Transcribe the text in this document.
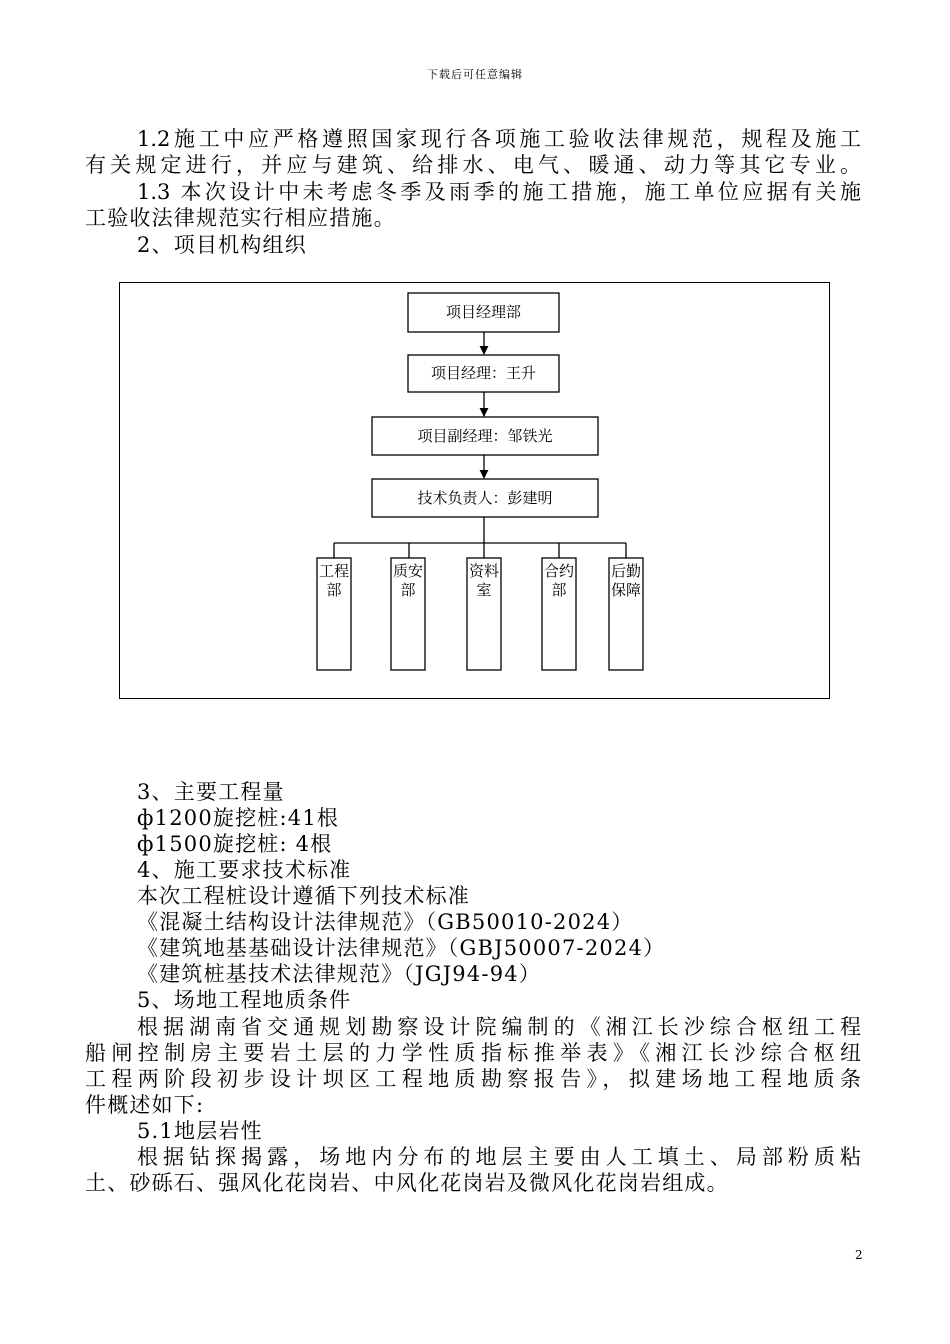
下载后可任意编辑
1.2施工中应严格遵照国家现行各项施工验收法律规范，规程及施工
有关规定进行，并应与建筑、给排水、电气、暖通、动力等其它专业。
1.3 本次设计中未考虑冬季及雨季的施工措施，施工单位应据有关施
工验收法律规范实行相应措施。
2、项目机构组织
项目经理部
项目经理：王升
项目副经理：邹铁光
技术负责人：彭建明
工程
部
质安
部
资料
室
合约
部
后勤
保障
3、主要工程量
ф1200旋挖桩:41根
ф1500旋挖桩: 4根
4、施工要求技术标准
本次工程桩设计遵循下列技术标准
《混凝土结构设计法律规范》（GB50010-2024）
《建筑地基基础设计法律规范》（GBJ50007-2024）
《建筑桩基技术法律规范》（JGJ94-94）
5、场地工程地质条件
根据湖南省交通规划勘察设计院编制的《湘江长沙综合枢纽工程
船闸控制房主要岩土层的力学性质指标推举表》《湘江长沙综合枢纽
工程两阶段初步设计坝区工程地质勘察报告》，拟建场地工程地质条
件概述如下:
5.1地层岩性
根据钻探揭露，场地内分布的地层主要由人工填土、局部粉质粘
土、砂砾石、强风化花岗岩、中风化花岗岩及微风化花岗岩组成。
2
